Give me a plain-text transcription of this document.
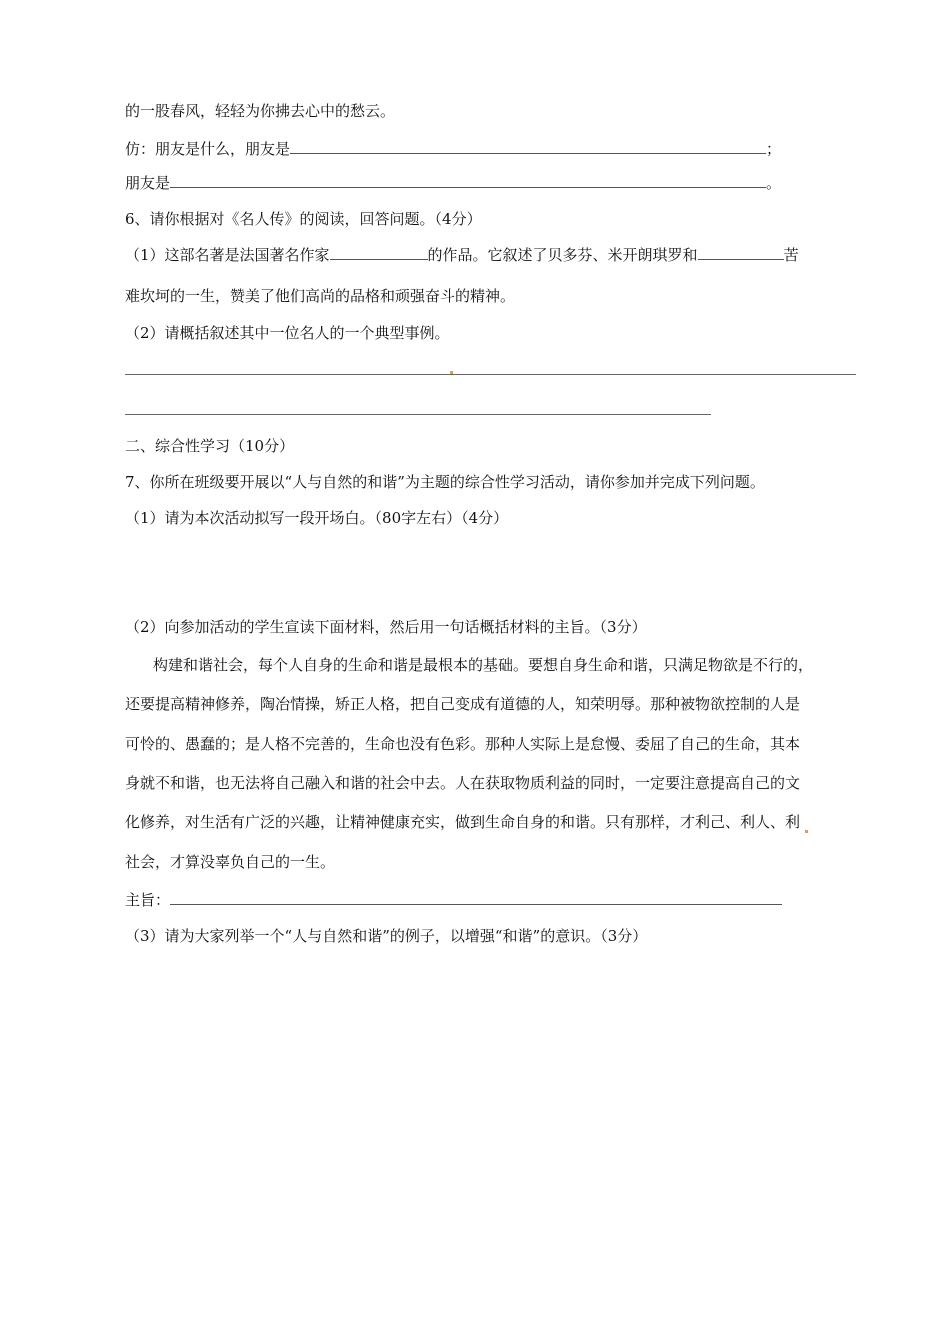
的一股春风，轻轻为你拂去心中的愁云。
仿：朋友是什么，朋友是	；
朋友是	。
6、请你根据对《名人传》的阅读，回答问题。（4分）
（1）这部名著是法国著名作家	的作品。它叙述了贝多芬、米开朗琪罗和	苦
难坎坷的一生，赞美了他们高尚的品格和顽强奋斗的精神。
（2）请概括叙述其中一位名人的一个典型事例。
二、综合性学习（10分）
7、你所在班级要开展以“人与自然的和谐”为主题的综合性学习活动，请你参加并完成下列问题。
（1）请为本次活动拟写一段开场白。（80字左右）（4分）
（2）向参加活动的学生宣读下面材料，然后用一句话概括材料的主旨。（3分）
构建和谐社会，每个人自身的生命和谐是最根本的基础。要想自身生命和谐，只满足物欲是不行的，
还要提高精神修养，陶冶情操，矫正人格，把自己变成有道德的人，知荣明辱。那种被物欲控制的人是
可怜的、愚蠢的；是人格不完善的，生命也没有色彩。那种人实际上是怠慢、委屈了自己的生命，其本
身就不和谐，也无法将自己融入和谐的社会中去。人在获取物质利益的同时，一定要注意提高自己的文
化修养，对生活有广泛的兴趣，让精神健康充实，做到生命自身的和谐。只有那样，才利己、利人、利
社会，才算没辜负自己的一生。
主旨：
（3）请为大家列举一个“人与自然和谐”的例子，以增强“和谐”的意识。（3分）
